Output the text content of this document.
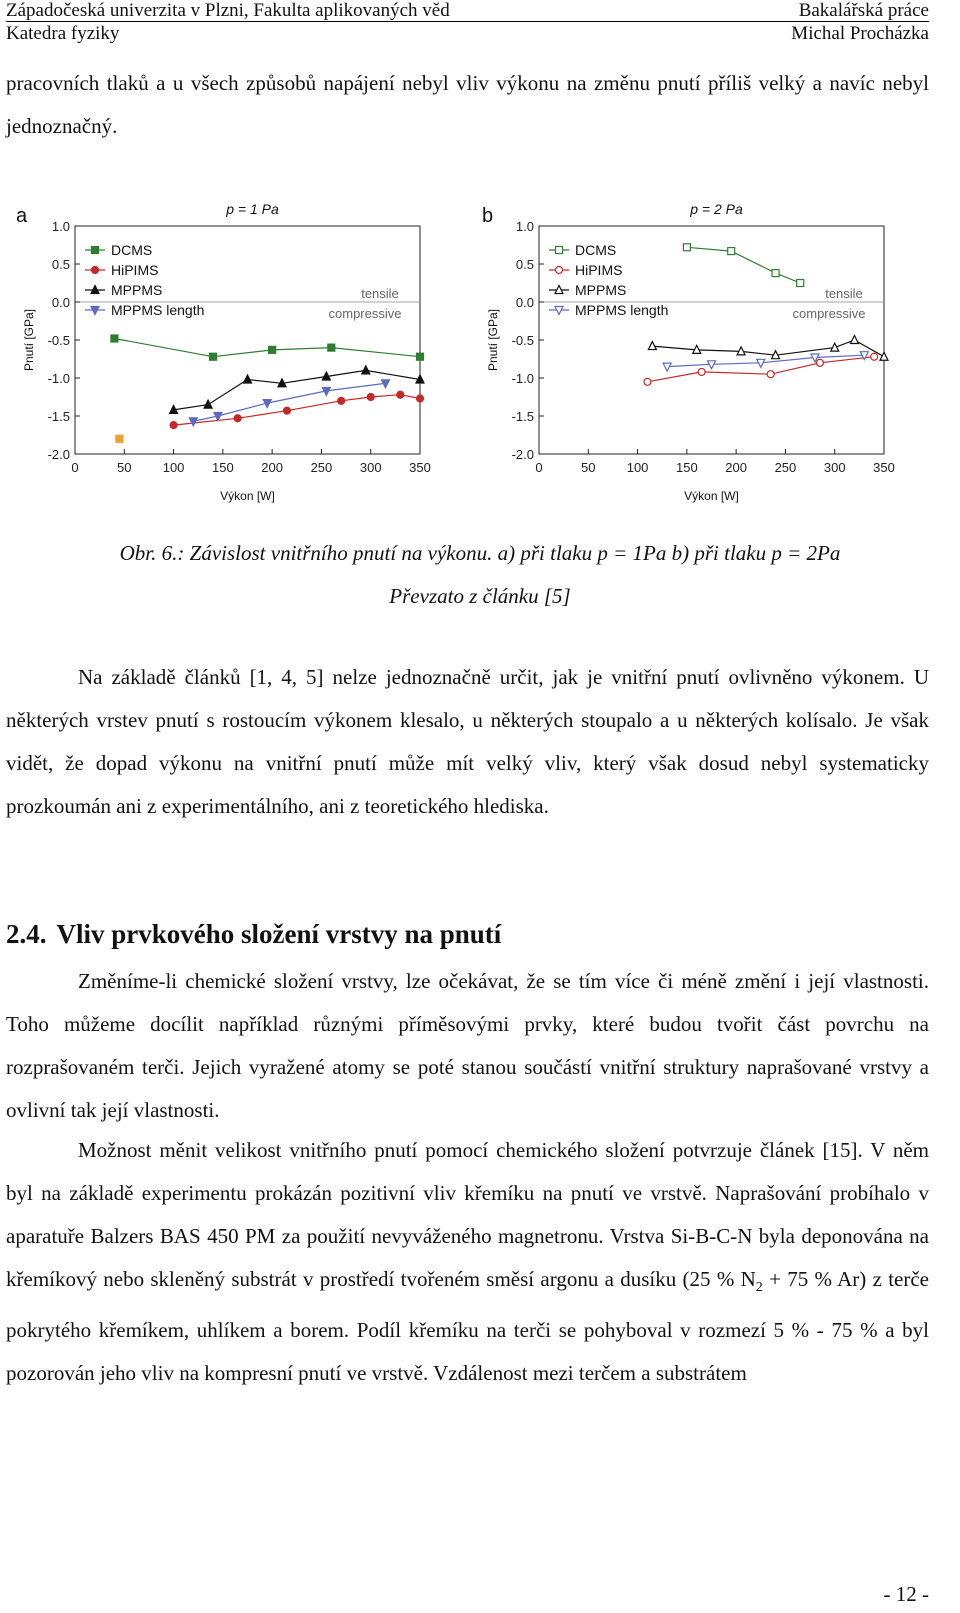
Západočeská univerzita v Plzni, Fakulta aplikovaných věd	Bakalářská práce
Katedra fyziky	Michal Procházka

pracovních tlaků a u všech způsobů napájení nebyl vliv výkonu na změnu pnutí příliš velký a navíc nebyl jednoznačný.

0	50 100 150 200 250 300 350
1.0
0.5
0.0
-0.5
-1.0
-1.5
-2.0
a	p = 1 Pa
Výkon [W]
Pnutí [GPa]
tensile
compressive
DCMS
HiPIMS
MPPMS
MPPMS length
0	50 100 150 200 250 300 350
1.0
0.5
0.0
-0.5
-1.0
-1.5
-2.0
b	p = 2 Pa
Výkon [W]
Pnutí [GPa]
tensile
compressive
DCMS
HiPIMS
MPPMS
MPPMS length
Obr. 6.: Závislost vnitřního pnutí na výkonu. a) při tlaku p = 1Pa b) při tlaku p = 2Pa
Převzato z článku [5]

Na základě článků [1, 4, 5] nelze jednoznačně určit, jak je vnitřní pnutí ovlivněno výkonem. U některých vrstev pnutí s rostoucím výkonem klesalo, u některých stoupalo a u některých kolísalo. Je však vidět, že dopad výkonu na vnitřní pnutí může mít velký vliv, který však dosud nebyl systematicky prozkoumán ani z experimentálního, ani z teoretického hlediska.

2.4. Vliv prvkového složení vrstvy na pnutí

Změníme-li chemické složení vrstvy, lze očekávat, že se tím více či méně změní i její vlastnosti. Toho můžeme docílit například různými příměsovými prvky, které budou tvořit část povrchu na rozprašovaném terči. Jejich vyražené atomy se poté stanou součástí vnitřní struktury naprašované vrstvy a ovlivní tak její vlastnosti.

Možnost měnit velikost vnitřního pnutí pomocí chemického složení potvrzuje článek [15]. V něm byl na základě experimentu prokázán pozitivní vliv křemíku na pnutí ve vrstvě. Naprašování probíhalo v aparatuře Balzers BAS 450 PM za použití nevyváženého magnetronu. Vrstva Si-B-C-N byla deponována na křemíkový nebo skleněný substrát v prostředí tvořeném směsí argonu a dusíku (25 % $N_2 + 75$ % Ar) z terče pokrytého křemíkem, uhlíkem a borem. Podíl křemíku na terči se pohyboval v rozmezí 5 % - 75 % a byl pozorován jeho vliv na kompresní pnutí ve vrstvě. Vzdálenost mezi terčem a substrátem

- 12 -
